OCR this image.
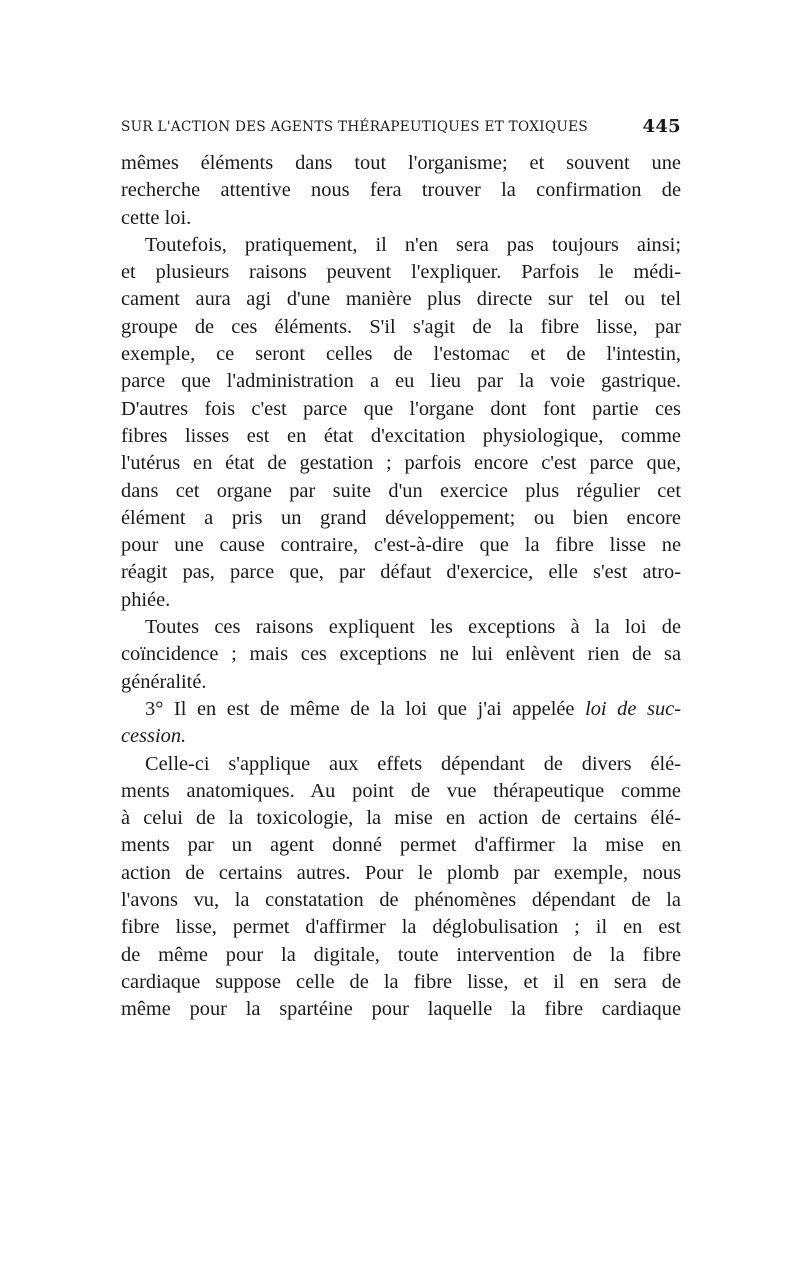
SUR L'ACTION DES AGENTS THÉRAPEUTIQUES ET TOXIQUES	445
mêmes éléments dans tout l'organisme; et souvent une
recherche attentive nous fera trouver la confirmation de
cette loi.
Toutefois, pratiquement, il n'en sera pas toujours ainsi;
et plusieurs raisons peuvent l'expliquer. Parfois le médi-
cament aura agi d'une manière plus directe sur tel ou tel
groupe de ces éléments. S'il s'agit de la fibre lisse, par
exemple, ce seront celles de l'estomac et de l'intestin,
parce que l'administration a eu lieu par la voie gastrique.
D'autres fois c'est parce que l'organe dont font partie ces
fibres lisses est en état d'excitation physiologique, comme
l'utérus en état de gestation ; parfois encore c'est parce que,
dans cet organe par suite d'un exercice plus régulier cet
élément a pris un grand développement; ou bien encore
pour une cause contraire, c'est-à-dire que la fibre lisse ne
réagit pas, parce que, par défaut d'exercice, elle s'est atro-
phiée.
Toutes ces raisons expliquent les exceptions à la loi de
coïncidence ; mais ces exceptions ne lui enlèvent rien de sa
généralité.
3° Il en est de même de la loi que j'ai appelée loi de suc-
cession.
Celle-ci s'applique aux effets dépendant de divers élé-
ments anatomiques. Au point de vue thérapeutique comme
à celui de la toxicologie, la mise en action de certains élé-
ments par un agent donné permet d'affirmer la mise en
action de certains autres. Pour le plomb par exemple, nous
l'avons vu, la constatation de phénomènes dépendant de la
fibre lisse, permet d'affirmer la déglobulisation ; il en est
de même pour la digitale, toute intervention de la fibre
cardiaque suppose celle de la fibre lisse, et il en sera de
même pour la spartéine pour laquelle la fibre cardiaque
